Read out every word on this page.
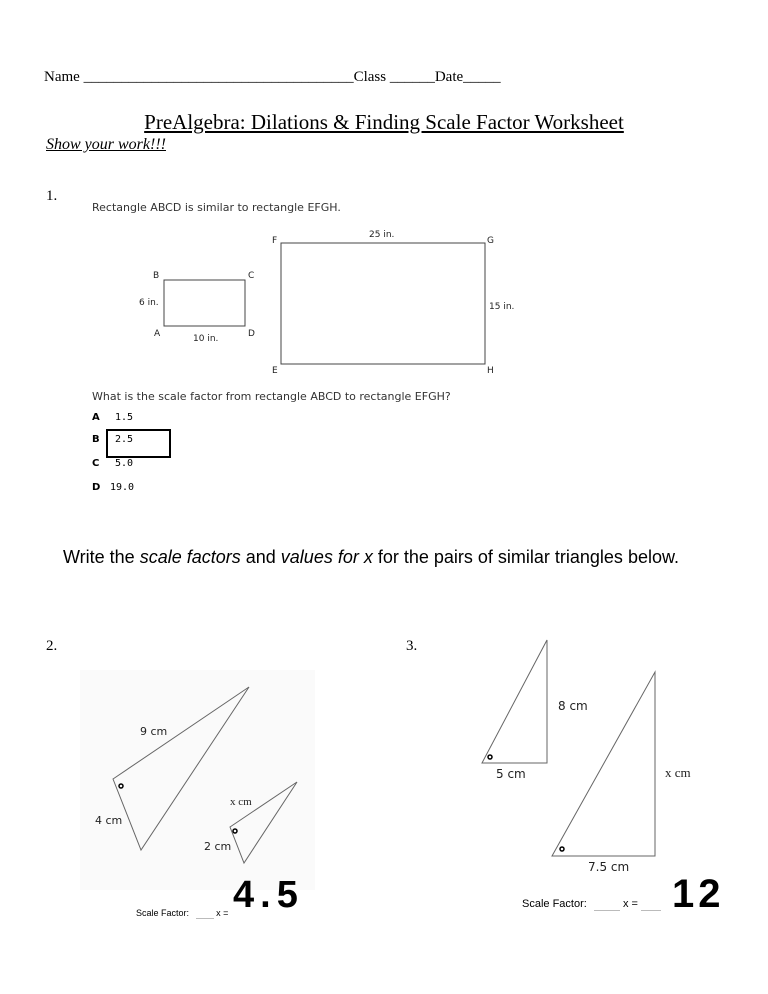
Name ____________________________________Class ______Date_____
PreAlgebra: Dilations & Finding Scale Factor Worksheet
Show your work!!!
1.
Rectangle ABCD is similar to rectangle EFGH.
B	C
A	D
6 in.
10 in.
F	G
E	H
25 in.
15 in.
What is the scale factor from rectangle ABCD to rectangle EFGH?
A 1.5
B 2.5
C 5.0
D 19.0
Write the scale factors and values for x for the pairs of similar triangles below.
2.
9 cm
4 cm
x cm
2 cm
Scale Factor:	x = 4.5
3.
8 cm
5 cm	x cm
7.5 cm
Scale Factor:	x = 12
